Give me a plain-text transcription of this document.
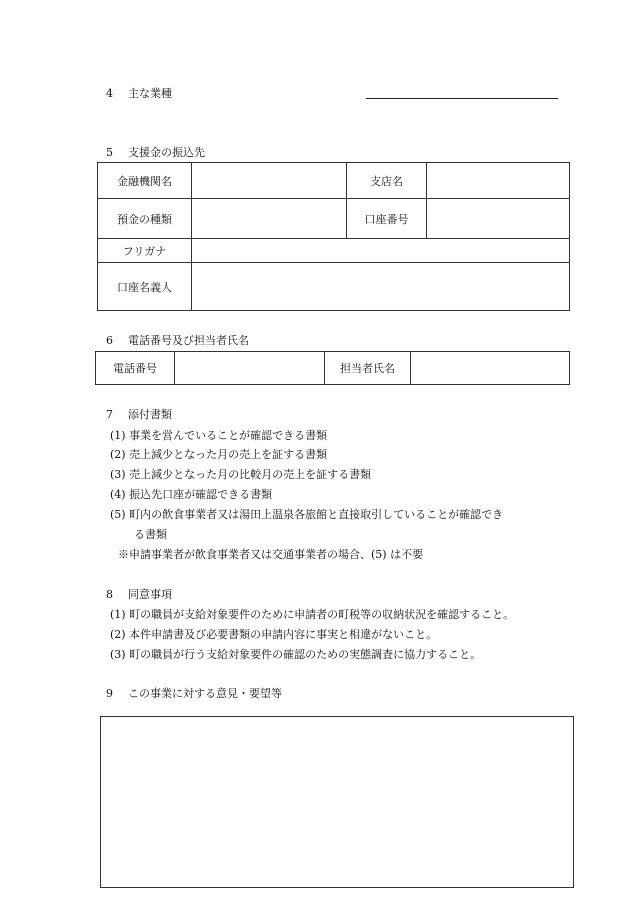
4 主な業種
5 支援金の振込先
金融機関名		支店名	
預金の種類		口座番号	
フリガナ			
口座名義人			
6 電話番号及び担当者氏名
電話番号		担当者氏名	
7 添付書類
(1) 事業を営んでいることが確認できる書類
(2) 売上減少となった月の売上を証する書類
(3) 売上減少となった月の比較月の売上を証する書類
(4) 振込先口座が確認できる書類
(5) 町内の飲食事業者又は湯田上温泉各旅館と直接取引していることが確認でき
る書類
※申請事業者が飲食事業者又は交通事業者の場合、(5) は不要
8 同意事項
(1) 町の職員が支給対象要件のために申請者の町税等の収納状況を確認すること。
(2) 本件申請書及び必要書類の申請内容に事実と相違がないこと。
(3) 町の職員が行う支給対象要件の確認のための実態調査に協力すること。
9 この事業に対する意見・要望等
